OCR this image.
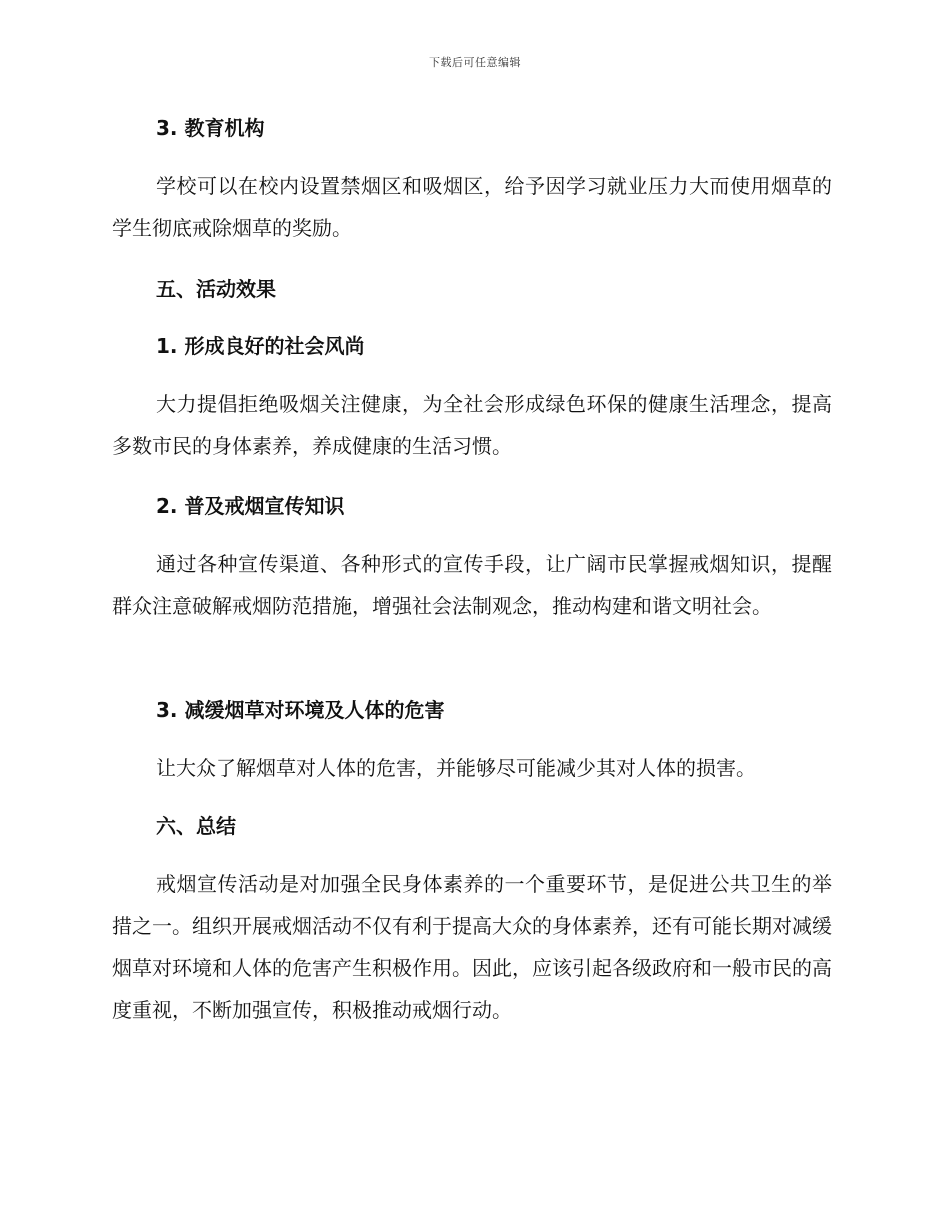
下载后可任意编辑
3. 教育机构
学校可以在校内设置禁烟区和吸烟区，给予因学习就业压力大而使用烟草的学生彻底戒除烟草的奖励。
五、活动效果
1. 形成良好的社会风尚
大力提倡拒绝吸烟关注健康，为全社会形成绿色环保的健康生活理念，提高多数市民的身体素养，养成健康的生活习惯。
2. 普及戒烟宣传知识
通过各种宣传渠道、各种形式的宣传手段，让广阔市民掌握戒烟知识，提醒群众注意破解戒烟防范措施，增强社会法制观念，推动构建和谐文明社会。
3. 减缓烟草对环境及人体的危害
让大众了解烟草对人体的危害，并能够尽可能减少其对人体的损害。
六、总结
戒烟宣传活动是对加强全民身体素养的一个重要环节，是促进公共卫生的举措之一。组织开展戒烟活动不仅有利于提高大众的身体素养，还有可能长期对减缓烟草对环境和人体的危害产生积极作用。因此，应该引起各级政府和一般市民的高度重视，不断加强宣传，积极推动戒烟行动。
